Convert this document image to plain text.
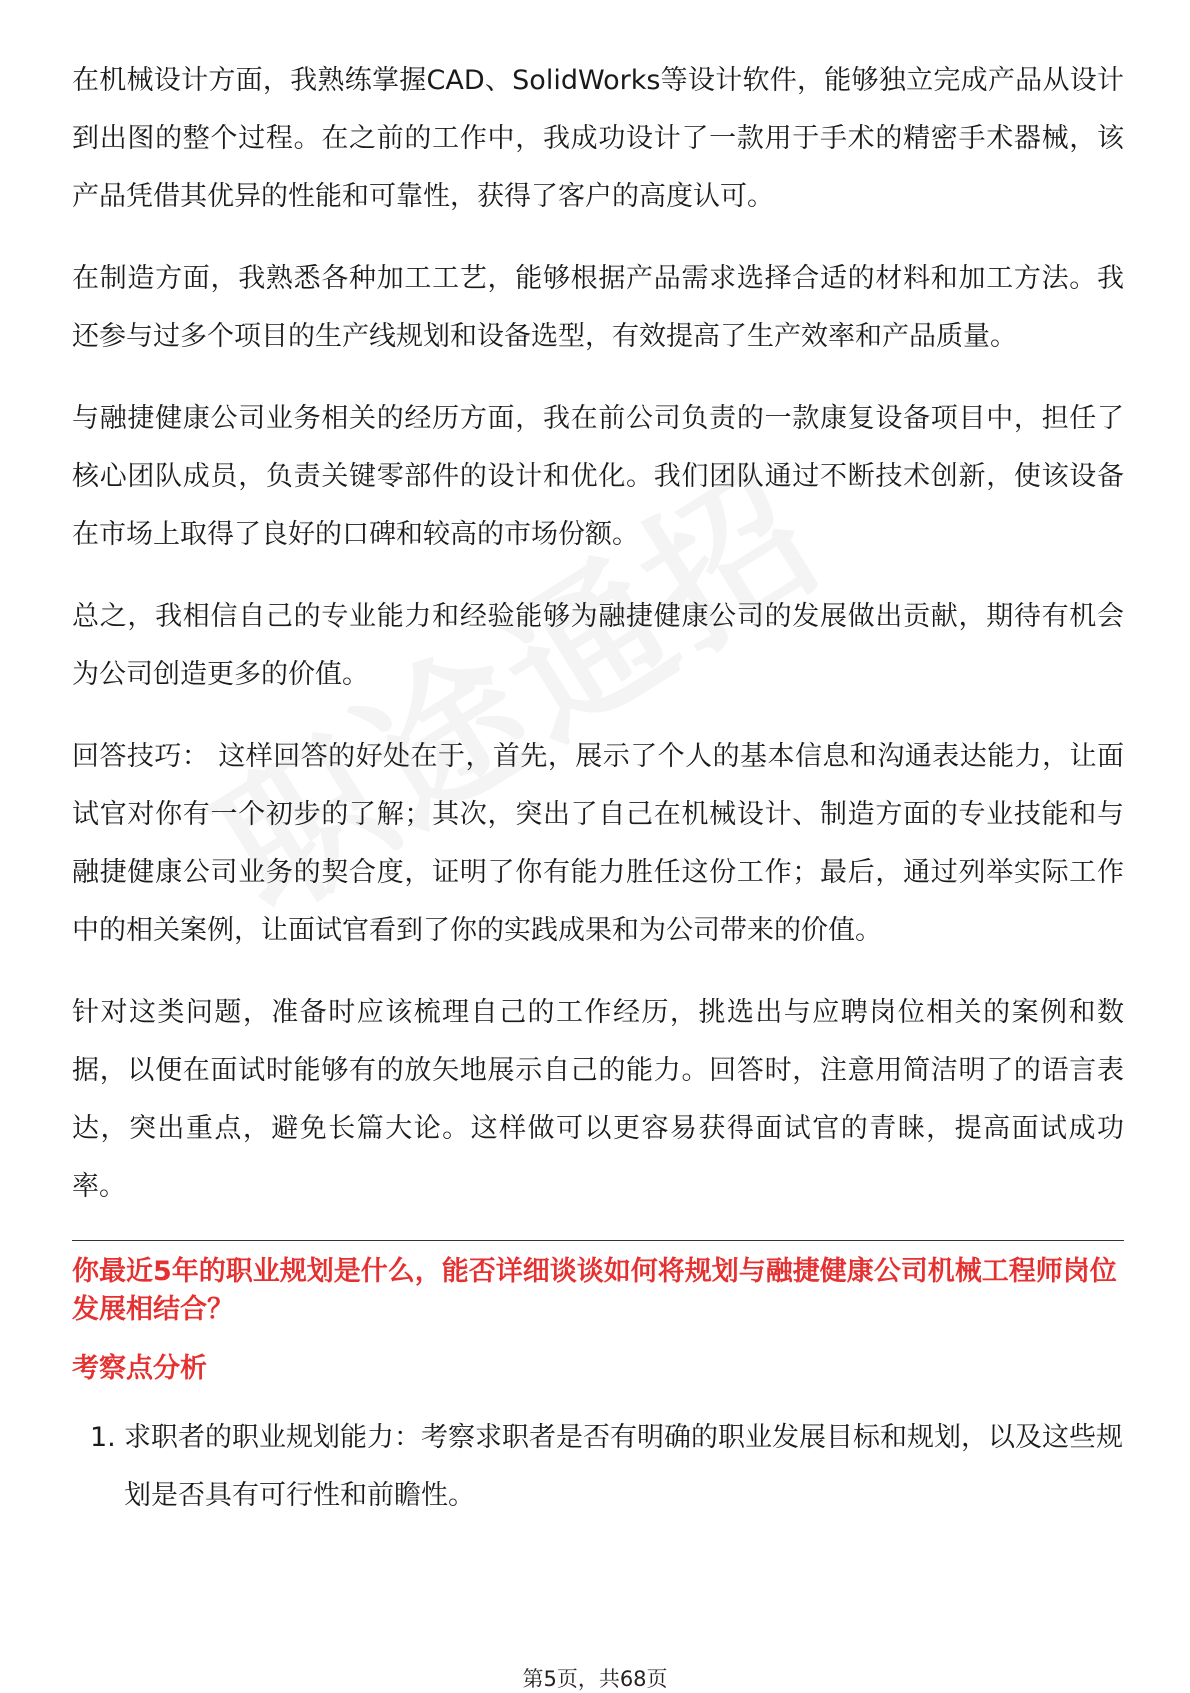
在机械设计方面，我熟练掌握CAD、SolidWorks等设计软件，能够独立完成产品从设计到出图的整个过程。在之前的工作中，我成功设计了一款用于手术的精密手术器械，该产品凭借其优异的性能和可靠性，获得了客户的高度认可。

在制造方面，我熟悉各种加工工艺，能够根据产品需求选择合适的材料和加工方法。我还参与过多个项目的生产线规划和设备选型，有效提高了生产效率和产品质量。

与融捷健康公司业务相关的经历方面，我在前公司负责的一款康复设备项目中，担任了核心团队成员，负责关键零部件的设计和优化。我们团队通过不断技术创新，使该设备在市场上取得了良好的口碑和较高的市场份额。

总之，我相信自己的专业能力和经验能够为融捷健康公司的发展做出贡献，期待有机会为公司创造更多的价值。

回答技巧： 这样回答的好处在于，首先，展示了个人的基本信息和沟通表达能力，让面试官对你有一个初步的了解；其次，突出了自己在机械设计、制造方面的专业技能和与融捷健康公司业务的契合度，证明了你有能力胜任这份工作；最后，通过列举实际工作中的相关案例，让面试官看到了你的实践成果和为公司带来的价值。

针对这类问题，准备时应该梳理自己的工作经历，挑选出与应聘岗位相关的案例和数据，以便在面试时能够有的放矢地展示自己的能力。回答时，注意用简洁明了的语言表达，突出重点，避免长篇大论。这样做可以更容易获得面试官的青睐，提高面试成功率。

你最近5年的职业规划是什么，能否详细谈谈如何将规划与融捷健康公司机械工程师岗位发展相结合？

考察点分析

1. 求职者的职业规划能力：考察求职者是否有明确的职业发展目标和规划，以及这些规划是否具有可行性和前瞻性。
第5页，共68页
